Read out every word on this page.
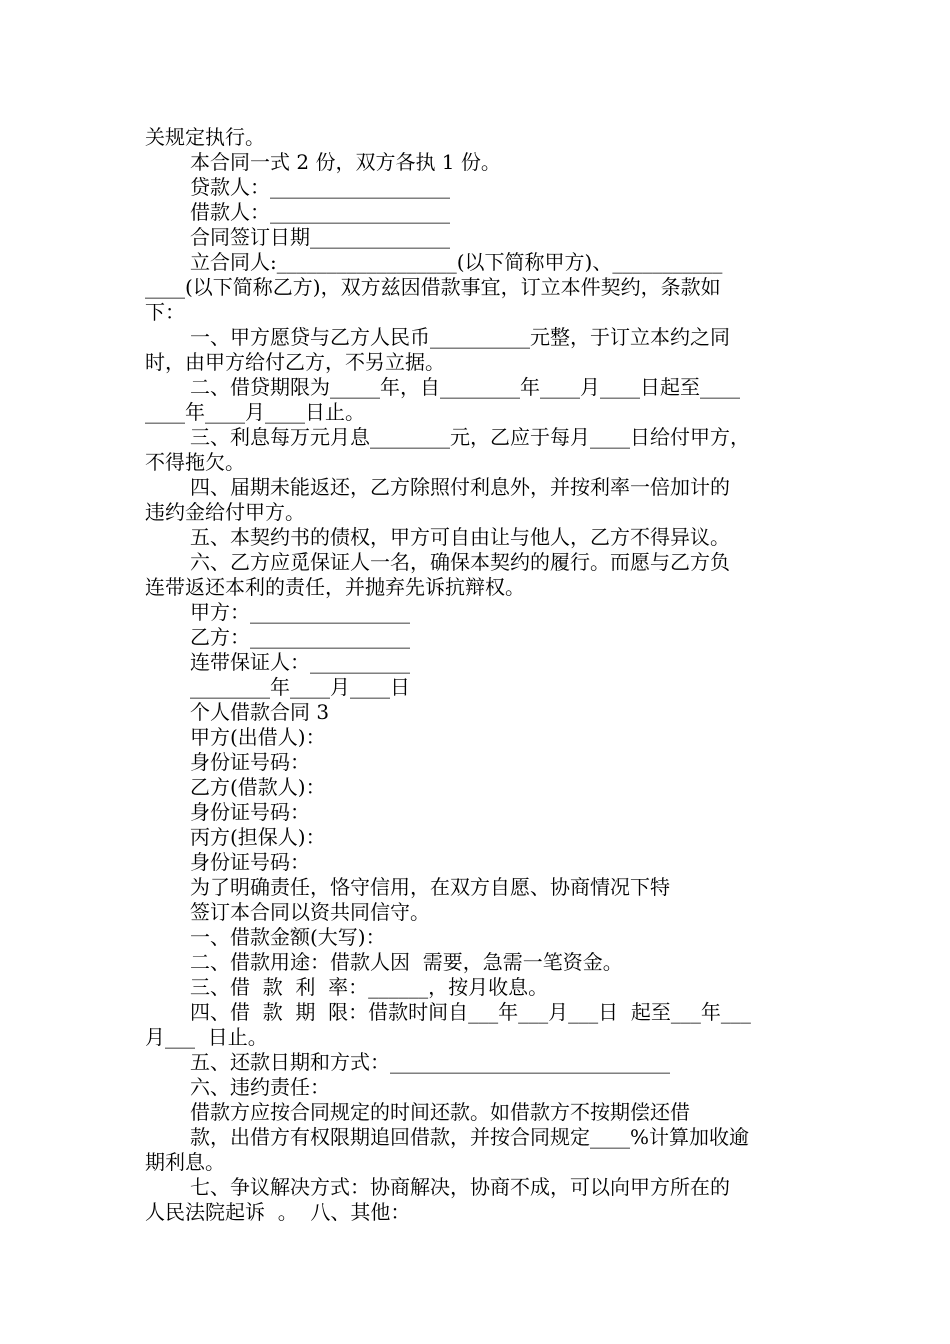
关规定执行。
本合同一式 2 份，双方各执 1 份。
贷款人：__________________
借款人：__________________
合同签订日期______________
立合同人:__________________(以下简称甲方)、___________
____(以下简称乙方)，双方兹因借款事宜，订立本件契约，条款如
下：
一、甲方愿贷与乙方人民币__________元整，于订立本约之同
时，由甲方给付乙方，不另立据。
二、借贷期限为_____年，自________年____月____日起至____
____年____月____日止。
三、利息每万元月息________元，乙应于每月____日给付甲方，
不得拖欠。
四、届期未能返还，乙方除照付利息外，并按利率一倍加计的
违约金给付甲方。
五、本契约书的债权，甲方可自由让与他人，乙方不得异议。
六、乙方应觅保证人一名，确保本契约的履行。而愿与乙方负
连带返还本利的责任，并抛弃先诉抗辩权。
甲方：________________
乙方：________________
连带保证人：__________
________年____月____日
个人借款合同 3
甲方(出借人)：
身份证号码：
乙方(借款人)：
身份证号码：
丙方(担保人)：
身份证号码：
为了明确责任，恪守信用，在双方自愿、协商情况下特
签订本合同以资共同信守。
一、借款金额(大写)：
二、借款用途：借款人因  需要，急需一笔资金。
三、借  款  利  率：______，按月收息。
四、借  款  期  限：借款时间自___年___月___日  起至___年___
月___  日止。
五、还款日期和方式：____________________________
六、违约责任：
借款方应按合同规定的时间还款。如借款方不按期偿还借
款，出借方有权限期追回借款，并按合同规定____%计算加收逾
期利息。
七、争议解决方式：协商解决，协商不成，可以向甲方所在的
人民法院起诉  。  八、其他：
